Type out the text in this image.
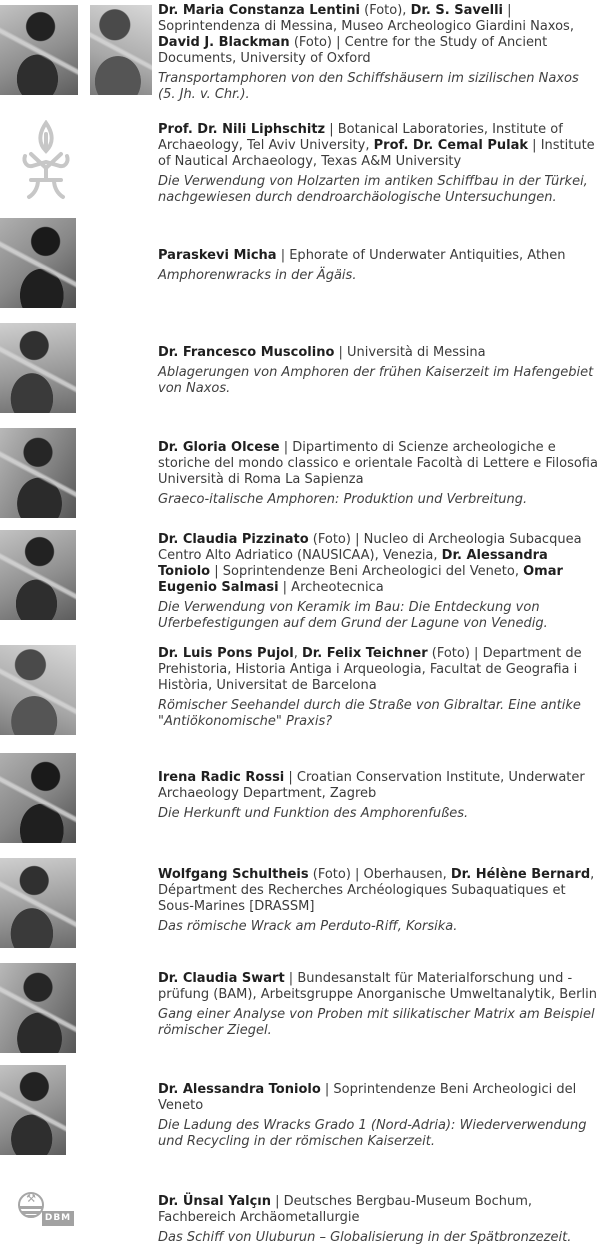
Dr. Maria Constanza Lentini (Foto), Dr. S. Savelli | Soprintendenza di Messina, Museo Archeologico Giardini Naxos, David J. Blackman (Foto) | Centre for the Study of Ancient Documents, University of Oxford

Transportamphoren von den Schiffshäusern im sizilischen Naxos (5. Jh. v. Chr.).

Prof. Dr. Nili Liphschitz | Botanical Laboratories, Institute of Archaeology, Tel Aviv University, Prof. Dr. Cemal Pulak | Institute of Nautical Archaeology, Texas A&M University

Die Verwendung von Holzarten im antiken Schiffbau in der Türkei, nachgewiesen durch dendroarchäologische Untersuchungen.

Paraskevi Micha | Ephorate of Underwater Antiquities, Athen

Amphorenwracks in der Ägäis.

Dr. Francesco Muscolino | Università di Messina

Ablagerungen von Amphoren der frühen Kaiserzeit im Hafengebiet von Naxos.

Dr. Gloria Olcese | Dipartimento di Scienze archeologiche e storiche del mondo classico e orientale Facoltà di Lettere e Filosofia Università di Roma La Sapienza

Graeco-italische Amphoren: Produktion und Verbreitung.

Dr. Claudia Pizzinato (Foto) | Nucleo di Archeologia Subacquea Centro Alto Adriatico (NAUSICAA), Venezia, Dr. Alessandra Toniolo | Soprintendenze Beni Archeologici del Veneto, Omar Eugenio Salmasi | Archeotecnica

Die Verwendung von Keramik im Bau: Die Entdeckung von Uferbefestigungen auf dem Grund der Lagune von Venedig.

Dr. Luis Pons Pujol, Dr. Felix Teichner (Foto) | Department de Prehistoria, Historia Antiga i Arqueologia, Facultat de Geografia i Història, Universitat de Barcelona

Römischer Seehandel durch die Straße von Gibraltar. Eine antike "Antiökonomische" Praxis?

Irena Radic Rossi | Croatian Conservation Institute, Underwater Archaeology Department, Zagreb

Die Herkunft und Funktion des Amphorenfußes.

Wolfgang Schultheis (Foto) | Oberhausen, Dr. Hélène Bernard, Départment des Recherches Archéologiques Subaquatiques et Sous-Marines [DRASSM]

Das römische Wrack am Perduto-Riff, Korsika.

Dr. Claudia Swart | Bundesanstalt für Materialforschung und -prüfung (BAM), Arbeitsgruppe Anorganische Umweltanalytik, Berlin

Gang einer Analyse von Proben mit silikatischer Matrix am Beispiel römischer Ziegel.

Dr. Alessandra Toniolo | Soprintendenze Beni Archeologici del Veneto

Die Ladung des Wracks Grado 1 (Nord-Adria): Wiederverwendung und Recycling in der römischen Kaiserzeit.

⚒
DBM

Dr. Ünsal Yalçın | Deutsches Bergbau-Museum Bochum, Fachbereich Archäometallurgie

Das Schiff von Uluburun – Globalisierung in der Spätbronzezeit.
